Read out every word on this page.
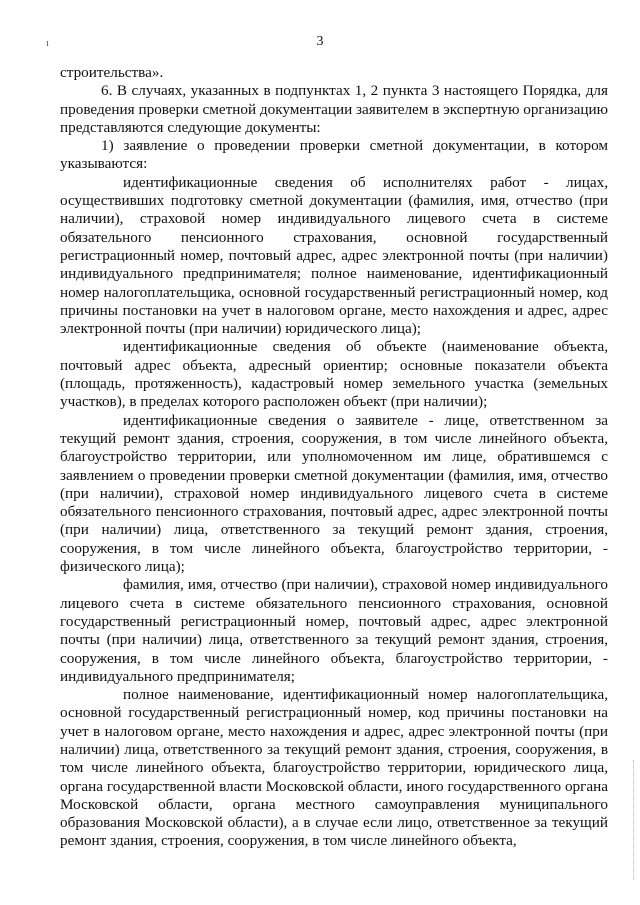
ı	3

строительства».

6. В случаях, указанных в подпунктах 1, 2 пункта 3 настоящего Порядка, для проведения проверки сметной документации заявителем в экспертную организацию представляются следующие документы:

1) заявление о проведении проверки сметной документации, в котором указываются:

идентификационные сведения об исполнителях работ - лицах, осуществивших подготовку сметной документации (фамилия, имя, отчество (при наличии), страховой номер индивидуального лицевого счета в системе обязательного пенсионного страхования, основной государственный регистрационный номер, почтовый адрес, адрес электронной почты (при наличии) индивидуального предпринимателя; полное наименование, идентификационный номер налогоплательщика, основной государственный регистрационный номер, код причины постановки на учет в налоговом органе, место нахождения и адрес, адрес электронной почты (при наличии) юридического лица);

идентификационные сведения об объекте (наименование объекта, почтовый адрес объекта, адресный ориентир; основные показатели объекта (площадь, протяженность), кадастровый номер земельного участка (земельных участков), в пределах которого расположен объект (при наличии);

идентификационные сведения о заявителе - лице, ответственном за текущий ремонт здания, строения, сооружения, в том числе линейного объекта, благоустройство территории, или уполномоченном им лице, обратившемся с заявлением о проведении проверки сметной документации (фамилия, имя, отчество (при наличии), страховой номер индивидуального лицевого счета в системе обязательного пенсионного страхования, почтовый адрес, адрес электронной почты (при наличии) лица, ответственного за текущий ремонт здания, строения, сооружения, в том числе линейного объекта, благоустройство территории, - физического лица);

фамилия, имя, отчество (при наличии), страховой номер индивидуального лицевого счета в системе обязательного пенсионного страхования, основной государственный регистрационный номер, почтовый адрес, адрес электронной почты (при наличии) лица, ответственного за текущий ремонт здания, строения, сооружения, в том числе линейного объекта, благоустройство территории, - индивидуального предпринимателя;

полное наименование, идентификационный номер налогоплательщика, основной государственный регистрационный номер, код причины постановки на учет в налоговом органе, место нахождения и адрес, адрес электронной почты (при наличии) лица, ответственного за текущий ремонт здания, строения, сооружения, в том числе линейного объекта, благоустройство территории, юридического лица, органа государственной власти Московской области, иного государственного органа Московской области, органа местного самоуправления муниципального образования Московской области), а в случае если лицо, ответственное за текущий ремонт здания, строения, сооружения, в том числе линейного объекта,
